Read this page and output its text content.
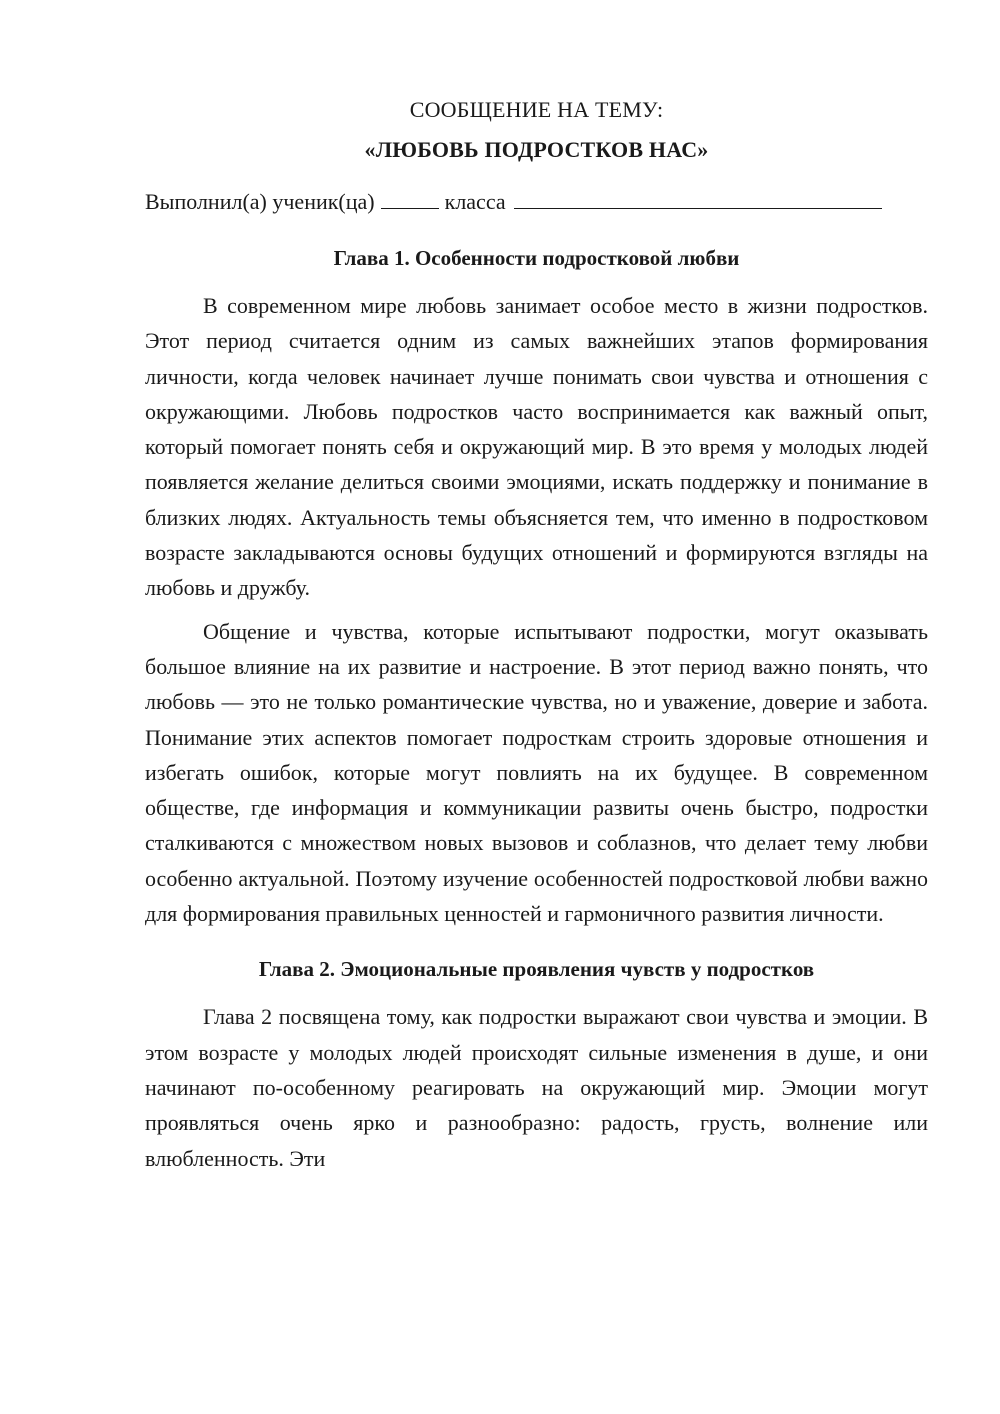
СООБЩЕНИЕ НА ТЕМУ:

«ЛЮБОВЬ ПОДРОСТКОВ НАС»

Выполнил(а) ученик(ца)	класса
Глава 1. Особенности подростковой любви

В современном мире любовь занимает особое место в жизни подростков. Этот период считается одним из самых важнейших этапов формирования личности, когда человек начинает лучше понимать свои чувства и отношения с окружающими. Любовь подростков часто воспринимается как важный опыт, который помогает понять себя и окружающий мир. В это время у молодых людей появляется желание делиться своими эмоциями, искать поддержку и понимание в близких людях. Актуальность темы объясняется тем, что именно в подростковом возрасте закладываются основы будущих отношений и формируются взгляды на любовь и дружбу.

Общение и чувства, которые испытывают подростки, могут оказывать большое влияние на их развитие и настроение. В этот период важно понять, что любовь — это не только романтические чувства, но и уважение, доверие и забота. Понимание этих аспектов помогает подросткам строить здоровые отношения и избегать ошибок, которые могут повлиять на их будущее. В современном обществе, где информация и коммуникации развиты очень быстро, подростки сталкиваются с множеством новых вызовов и соблазнов, что делает тему любви особенно актуальной. Поэтому изучение особенностей подростковой любви важно для формирования правильных ценностей и гармоничного развития личности.

Глава 2. Эмоциональные проявления чувств у подростков

Глава 2 посвящена тому, как подростки выражают свои чувства и эмоции. В этом возрасте у молодых людей происходят сильные изменения в душе, и они начинают по-особенному реагировать на окружающий мир. Эмоции могут проявляться очень ярко и разнообразно: радость, грусть, волнение или влюбленность. Эти
